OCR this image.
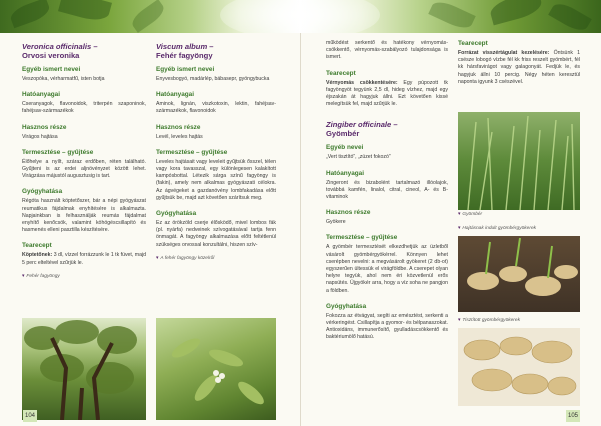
Veronica officinalis –
Orvosi veronika
Egyéb ismert nevei

Veszopóka, vérharmatfű, isten botja

Hatóanyagai

Cseranyagok, flavonoidok, triterpén szaponinok, fahéjsav-származékok

Hasznos része

Virágos hajtása

Termesztése – gyűjtése

Élőhelye a nyílt, száraz erdőben, réten található. Gyűjteni is az erdei aljnövényzet között lehet. Virágzása májustól augusztusig is tart.

Gyógyhatása

Régóta használt köptetőszer, bár a népi gyógyászat reumatikus fájdalmak enyhítésére is alkalmazta. Napjainkban is felhasználják reumás fájdalmat enyhítő kenőcsök, valamint köhögéscsillapító és hasmenés elleni pasztilla készítésére.

Tearecept

Köptetőnek: 3 dl, vízzel forrázzunk le 1 tk füvet, majd 5 perc elteltével szűrjük le.

▾ Fehér fagyöngy
Viscum album –
Fehér fagyöngy
Egyéb ismert nevei

Enyvesbogyó, madárlép, bábasepr, gyöngybucka

Hatóanyagai

Aminok, lignán, viszkotoxin, lektin, fahéjsav-származékok, flavonoidok

Hasznos része

Levél, leveles hajtás

Termesztése – gyűjtése

Leveles hajtásait vagy leveleit gyűjtsük ősszel, télen vagy kora tavasszal, egy különlegesen kalakított kampósbottal. Létezik sárga színű fagyöngy is (fakin), amely nem alkalmas gyógyászati célokra. Az ágvégeket a gazdanövény lombfakadása előtt gyűjtsük be, majd azt követően szárítsuk meg.

Gyógyhatása

Ez az örökzöld cserje élősködő, mivel lombos fák (pl. nyárfa) nedveinek szívogatásával tartja fenn önmagát. A fagyöngy alkalmazása előtt feltétlenül szükséges orvossal konzultálni, hiszen szív-

▾ A fehér fagyöngy közelről
104

működést serkentő és hatékony vérnyomás-csökkentő, vérnyomás-szabályozó tulajdonsága is ismert.

Tearecept

Vérnyomás csökkentésére: Egy púpozott tk fagyöngyöt tegyünk 2,5 dl, hideg vízhez, majd egy éjszakán át hagyjuk állni. Ezt követően kissé melegítsük fel, majd szűrjük le.

Zingiber officinale –
Gyömbér
Egyéb nevei

„Vert tisztító”, „zúzet fokozó”

Hatóanyagai

Zingeront és bizabolént tartalmazó illóolajok, továbbá kamfén, linalol, citral, cineol, A- és B-vitaminok

Hasznos része

Gyökere

Termesztése – gyűjtése

A gyömbér termesztését elkezdhetjük az üzletből vásárolt gyömbérgyökérrel. Könnyen lehet cserépben nevelni: a megvásárolt gyökeret (2 db-ot) egyszerűen ültessük el virágföldbe. A cserepet olyan helyre tegyük, ahol nem éri közvetlenül erős napsütés. Újgyökér arra, hogy a víz soha ne pangjon a földben.

Gyógyhatása

Fokozza az étvágyat, segíti az emésztést, serkenti a vérkeringést. Csillapítja a gyomor- és bélpanaszokat. Antioxidáns, immunerősítő, gyulladáscsökkentő és baktériumölő hatású.

Tearecept

Forrázat visszértágulat kezelésére: Öntsünk 1 csésze lobogó vízbe fél kk friss reszelt gyömbért, fél kk hársfavirágot vagy galagonyát. Fedjük le, és hagyjuk állni 10 percig. Négy héten keresztül naponta igyunk 3 csészével.

▾ Gyömbér
▾ Hajtásnak indult gyömbérgyökerek
▾ Tisztított gyömbérgyökerek
105
